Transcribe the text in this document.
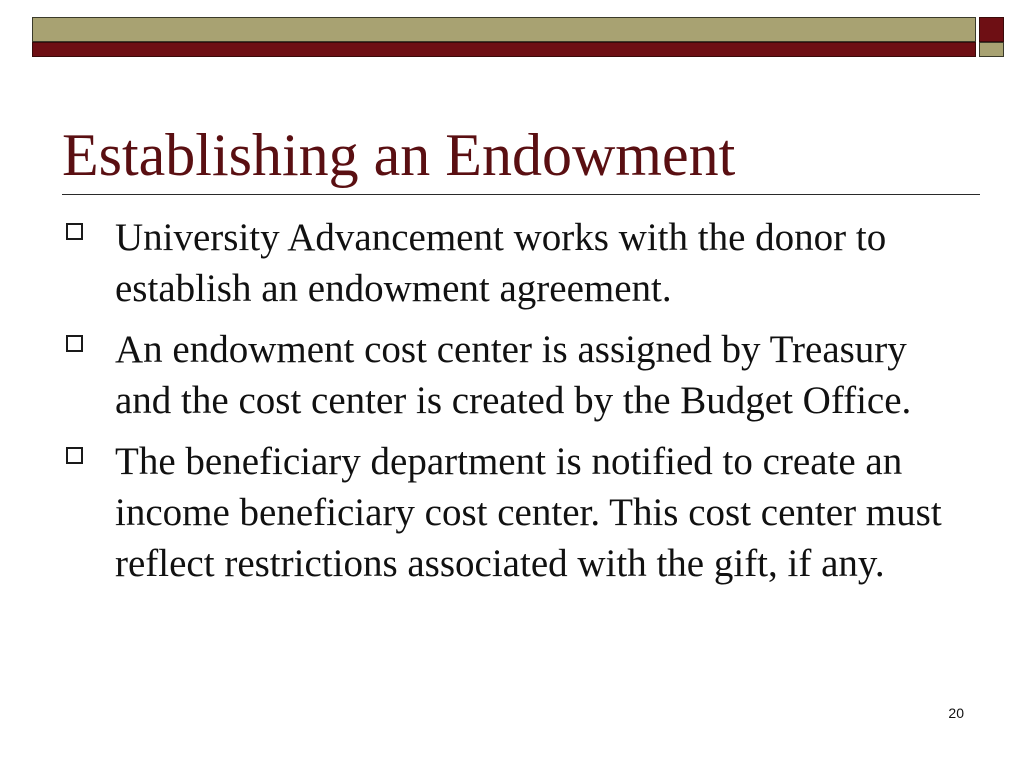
Establishing an Endowment
University Advancement works with the donor to establish an endowment agreement.
An endowment cost center is assigned by Treasury and the cost center is created by the Budget Office.
The beneficiary department is notified to create an income beneficiary cost center. This cost center must reflect restrictions associated with the gift, if any.
20
